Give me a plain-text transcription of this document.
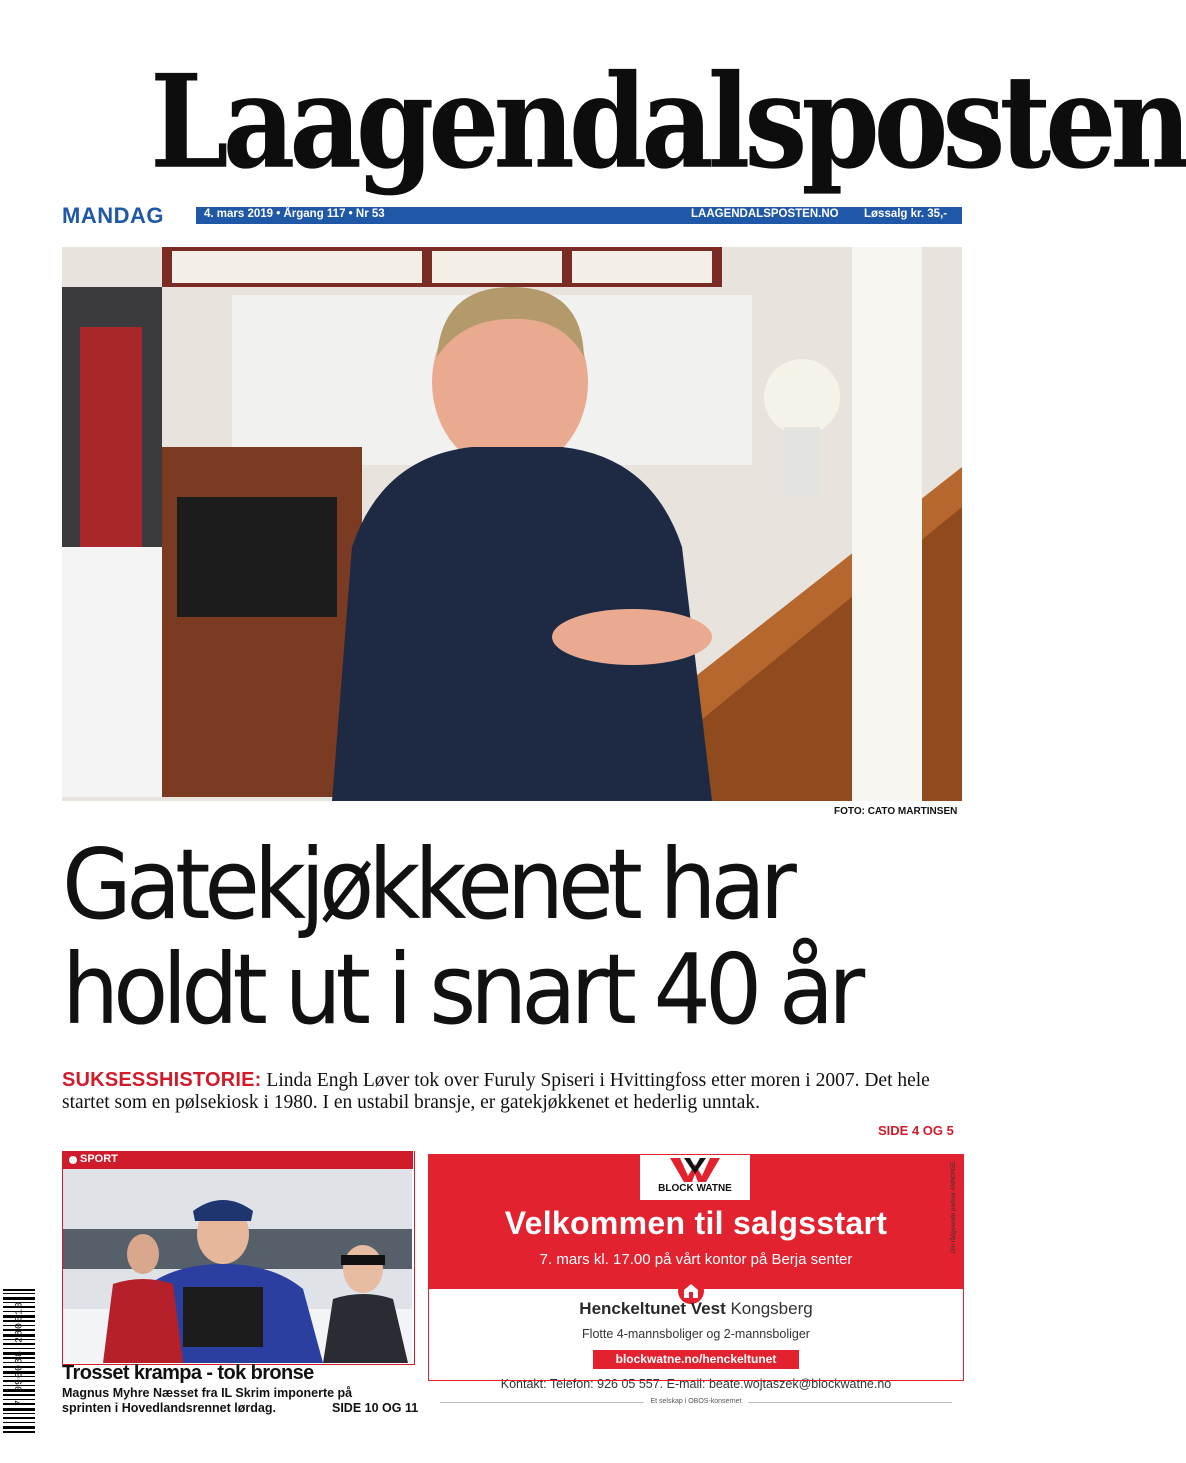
Laagendalsposten
MANDAG	4. mars 2019 • Årgang 117 • Nr 53	LAAGENDALSPOSTEN.NO Løssalg kr. 35,-
FOTO: CATO MARTINSEN
Gatekjøkkenet har
holdt ut i snart 40 år
SUKSESSHISTORIE: Linda Engh Løver tok over Furuly Spiseri i Hvittingfoss etter moren i 2007. Det hele startet som en pølsekiosk i 1980. I en ustabil bransje, er gatekjøkkenet et hederlig unntak.
SIDE 4 OG 5
SPORT
Trosset krampa - tok bronse
Magnus Myhre Næsset fra IL Skrim imponerte på sprinten i Hovedlandsrennet lørdag.	SIDE 10 OG 11
7 090038 280010
BLOCK WATNE
Velkommen til salgsstart
7. mars kl. 17.00 på vårt kontor på Berja senter
Henckeltunet Vest Kongsberg
Flotte 4-mannsboliger og 2-mannsboliger
blockwatne.no/henckeltunet
Kontakt: Telefon: 926 05 557. E-mail: beate.wojtaszek@blockwatne.no
Et selskap i OBOS-konsernet
Din rådgivende partner ANNONSE
